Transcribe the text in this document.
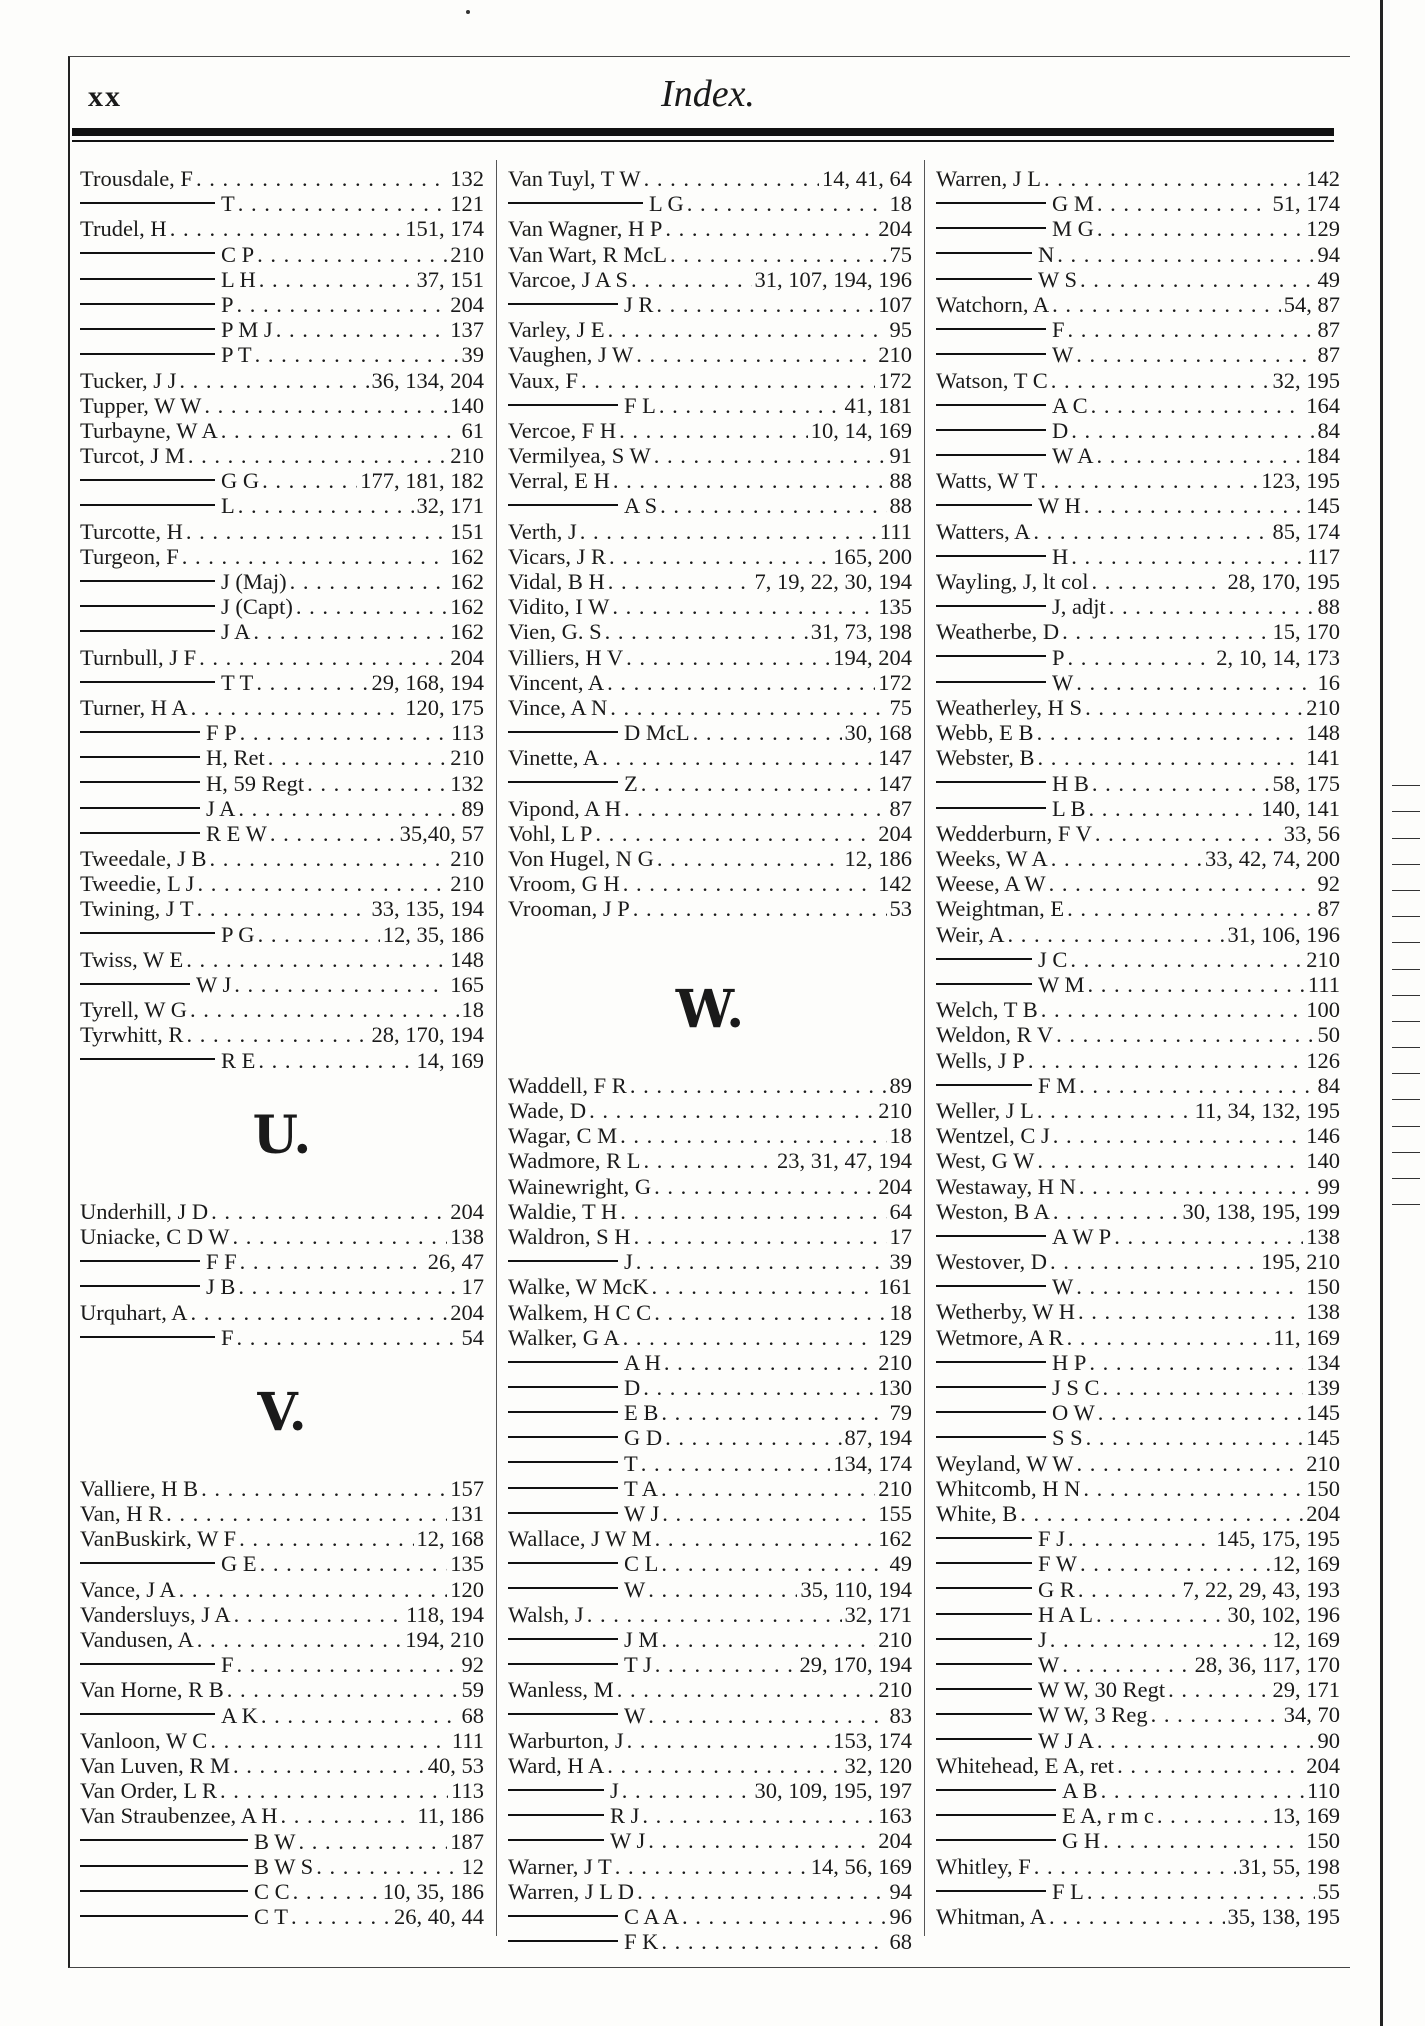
xx	Index.
Trousdale, F . . .	132
T . . .	121
Trudel, H . . .	151, 174
C P . . .	210
L H . . .	37, 151
P . . .	204
P M J . . .	137
P T . . .	39
Tucker, J J . . .	36, 134, 204
Tupper, W W . . .	140
Turbayne, W A . . .	61
Turcot, J M . . .	210
G G . . .	177, 181, 182
L . . .	32, 171
Turcotte, H . . .	151
Turgeon, F . . .	162
J (Maj) . . .	162
J (Capt) . . .	162
J A . . .	162
Turnbull, J F . . .	204
T T . . .	29, 168, 194
Turner, H A . . .	120, 175
F P . . .	113
H, Ret . . .	210
H, 59 Regt . . .	132
J A . . .	89
R E W . . .	35,40, 57
Tweedale, J B . . .	210
Tweedie, L J . . .	210
Twining, J T . . .	33, 135, 194
P G . . .	12, 35, 186
Twiss, W E . . .	148
W J . . .	165
Tyrell, W G . . .	18
Tyrwhitt, R . . .	28, 170, 194
R E . . .	14, 169
U.
Underhill, J D . . .	204
Uniacke, C D W . . .	138
F F . . .	26, 47
J B . . .	17
Urquhart, A . . .	204
F . . .	54
V.
Valliere, H B . . .	157
Van, H R . . .	131
VanBuskirk, W F . . .	12, 168
G E . . .	135
Vance, J A . . .	120
Vandersluys, J A . . .	118, 194
Vandusen, A . . .	194, 210
F . . .	92
Van Horne, R B . . .	59
A K . . .	68
Vanloon, W C . . .	111
Van Luven, R M . . .	40, 53
Van Order, L R . . .	113
Van Straubenzee, A H . . .	11, 186
B W . . .	187
B W S . . .	12
C C . . .	10, 35, 186
C T . . .	26, 40, 44
Van Tuyl, T W . . .	14, 41, 64
L G . . .	18
Van Wagner, H P . . .	204
Van Wart, R McL . . .	75
Varcoe, J A S . . .	31, 107, 194, 196
J R . . .	107
Varley, J E . . .	95
Vaughen, J W . . .	210
Vaux, F . . .	172
F L . . .	41, 181
Vercoe, F H . . .	10, 14, 169
Vermilyea, S W . . .	91
Verral, E H . . .	88
A S . . .	88
Verth, J . . .	111
Vicars, J R . . .	165, 200
Vidal, B H . . .	7, 19, 22, 30, 194
Vidito, I W . . .	135
Vien, G. S . . .	31, 73, 198
Villiers, H V . . .	194, 204
Vincent, A . . .	172
Vince, A N . . .	75
D McL . . .	30, 168
Vinette, A . . .	147
Z . . .	147
Vipond, A H . . .	87
Vohl, L P . . .	204
Von Hugel, N G . . .	12, 186
Vroom, G H . . .	142
Vrooman, J P . . .	53
W.
Waddell, F R . . .	89
Wade, D . . .	210
Wagar, C M . . .	18
Wadmore, R L . . .	23, 31, 47, 194
Wainewright, G . . .	204
Waldie, T H . . .	64
Waldron, S H . . .	17
J . . .	39
Walke, W McK . . .	161
Walkem, H C C . . .	18
Walker, G A . . .	129
A H . . .	210
D . . .	130
E B . . .	79
G D . . .	87, 194
T . . .	134, 174
T A . . .	210
W J . . .	155
Wallace, J W M . . .	162
C L . . .	49
W . . .	35, 110, 194
Walsh, J . . .	32, 171
J M . . .	210
T J . . .	29, 170, 194
Wanless, M . . .	210
W . . .	83
Warburton, J . . .	153, 174
Ward, H A . . .	32, 120
J . . .	30, 109, 195, 197
R J . . .	163
W J . . .	204
Warner, J T . . .	14, 56, 169
Warren, J L D . . .	94
C A A . . .	96
F K . . .	68
Warren, J L . . .	142
G M . . .	51, 174
M G . . .	129
N . . .	94
W S . . .	49
Watchorn, A . . .	54, 87
F . . .	87
W . . .	87
Watson, T C . . .	32, 195
A C . . .	164
D . . .	84
W A . . .	184
Watts, W T . . .	123, 195
W H . . .	145
Watters, A . . .	85, 174
H . . .	117
Wayling, J, lt col . . .	28, 170, 195
J, adjt . . .	88
Weatherbe, D . . .	15, 170
P . . .	2, 10, 14, 173
W . . .	16
Weatherley, H S . . .	210
Webb, E B . . .	148
Webster, B . . .	141
H B . . .	58, 175
L B . . .	140, 141
Wedderburn, F V . . .	33, 56
Weeks, W A . . .	33, 42, 74, 200
Weese, A W . . .	92
Weightman, E . . .	87
Weir, A . . .	31, 106, 196
J C . . .	210
W M . . .	111
Welch, T B . . .	100
Weldon, R V . . .	50
Wells, J P . . .	126
F M . . .	84
Weller, J L . . .	11, 34, 132, 195
Wentzel, C J . . .	146
West, G W . . .	140
Westaway, H N . . .	99
Weston, B A . . .	30, 138, 195, 199
A W P . . .	138
Westover, D . . .	195, 210
W . . .	150
Wetherby, W H . . .	138
Wetmore, A R . . .	11, 169
H P . . .	134
J S C . . .	139
O W . . .	145
S S . . .	145
Weyland, W W . . .	210
Whitcomb, H N . . .	150
White, B . . .	204
F J . . .	145, 175, 195
F W . . .	12, 169
G R . . .	7, 22, 29, 43, 193
H A L . . .	30, 102, 196
J . . .	12, 169
W . . .	28, 36, 117, 170
W W, 30 Regt . . .	29, 171
W W, 3 Reg . . .	34, 70
W J A . . .	90
Whitehead, E A, ret . . .	204
A B . . .	110
E A, r m c . . .	13, 169
G H . . .	150
Whitley, F . . .	31, 55, 198
F L . . .	55
Whitman, A . . .	35, 138, 195
